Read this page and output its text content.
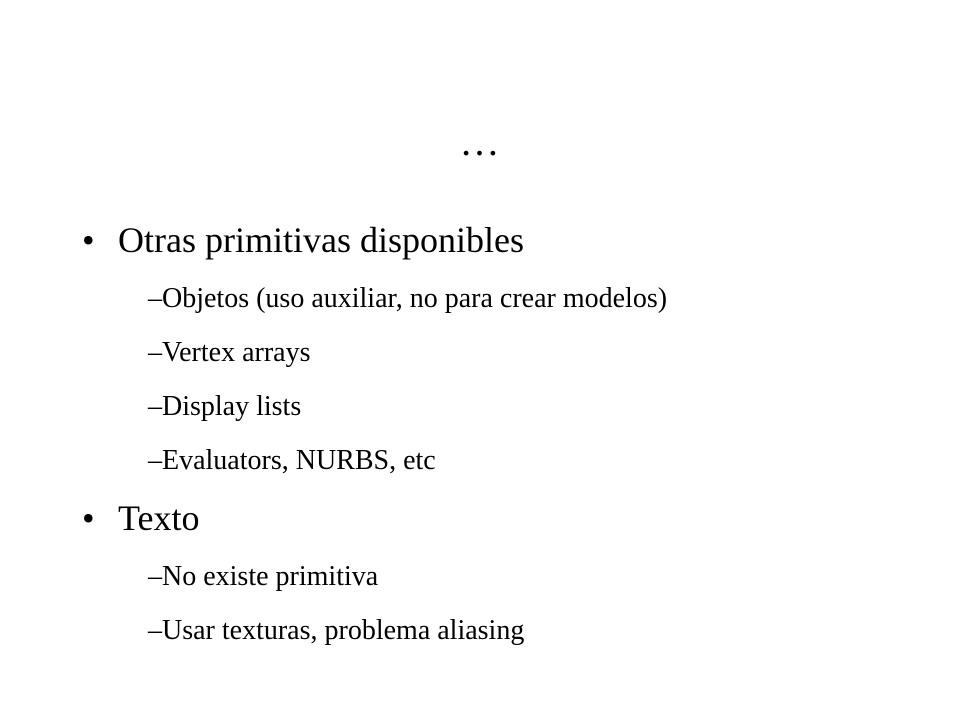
…
• Otras primitivas disponibles
–Objetos (uso auxiliar, no para crear modelos)
–Vertex arrays
–Display lists
–Evaluators, NURBS, etc
• Texto
–No existe primitiva
–Usar texturas, problema aliasing
